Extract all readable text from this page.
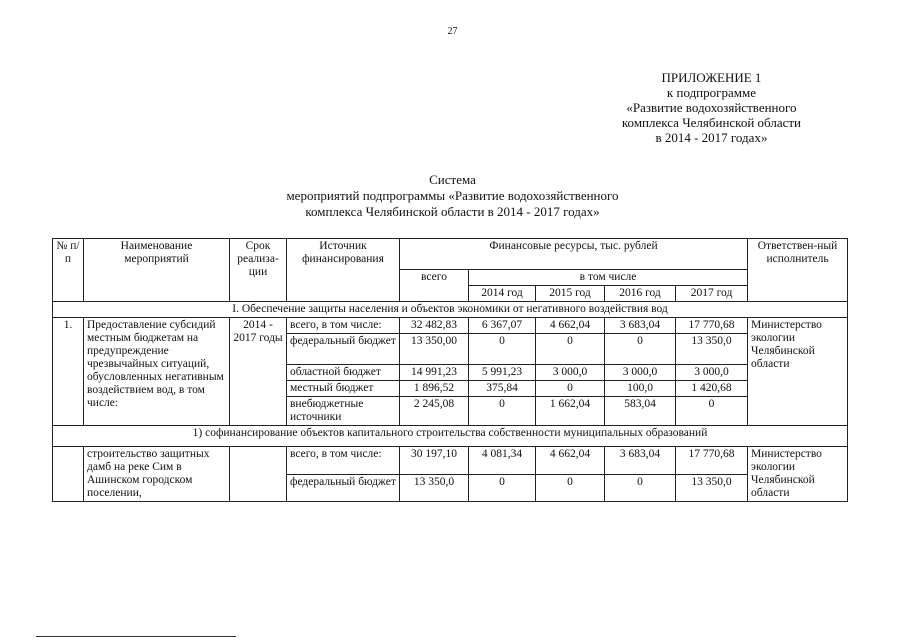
27
ПРИЛОЖЕНИЕ 1
к подпрограмме
«Развитие водохозяйственного
комплекса Челябинской области
в 2014 - 2017 годах»
Система
мероприятий подпрограммы «Развитие водохозяйственного
комплекса Челябинской области в 2014 - 2017 годах»
№ п/п	Наименование мероприятий	Срок реализа-ции	Источник финансирования	Финансовые ресурсы, тыс. рублей					Ответствен-ный исполнитель
				всего	в том числе				
					2014 год	2015 год	2016 год	2017 год	
I. Обеспечение защиты населения и объектов экономики от негативного воздействия вод									
1.	Предоставление субсидий местным бюджетам на предупреждение чрезвычайных ситуаций, обусловленных негативным воздействием вод, в том числе:	2014 - 2017 годы	всего, в том числе:	32 482,83	6 367,07	4 662,04	3 683,04	17 770,68	Министерство экологии Челябинской области
			федеральный бюджет	13 350,00	0	0	0	13 350,0	
			областной бюджет	14 991,23	5 991,23	3 000,0	3 000,0	3 000,0	
			местный бюджет	1 896,52	375,84	0	100,0	1 420,68	
			внебюджетные источники	2 245,08	0	1 662,04	583,04	0	
1) софинансирование объектов капитального строительства собственности муниципальных образований									
	строительство защитных дамб на реке Сим в Ашинском городском поселении,		всего, в том числе:	30 197,10	4 081,34	4 662,04	3 683,04	17 770,68	Министерство экологии Челябинской области
			федеральный бюджет	13 350,0	0	0	0	13 350,0	
